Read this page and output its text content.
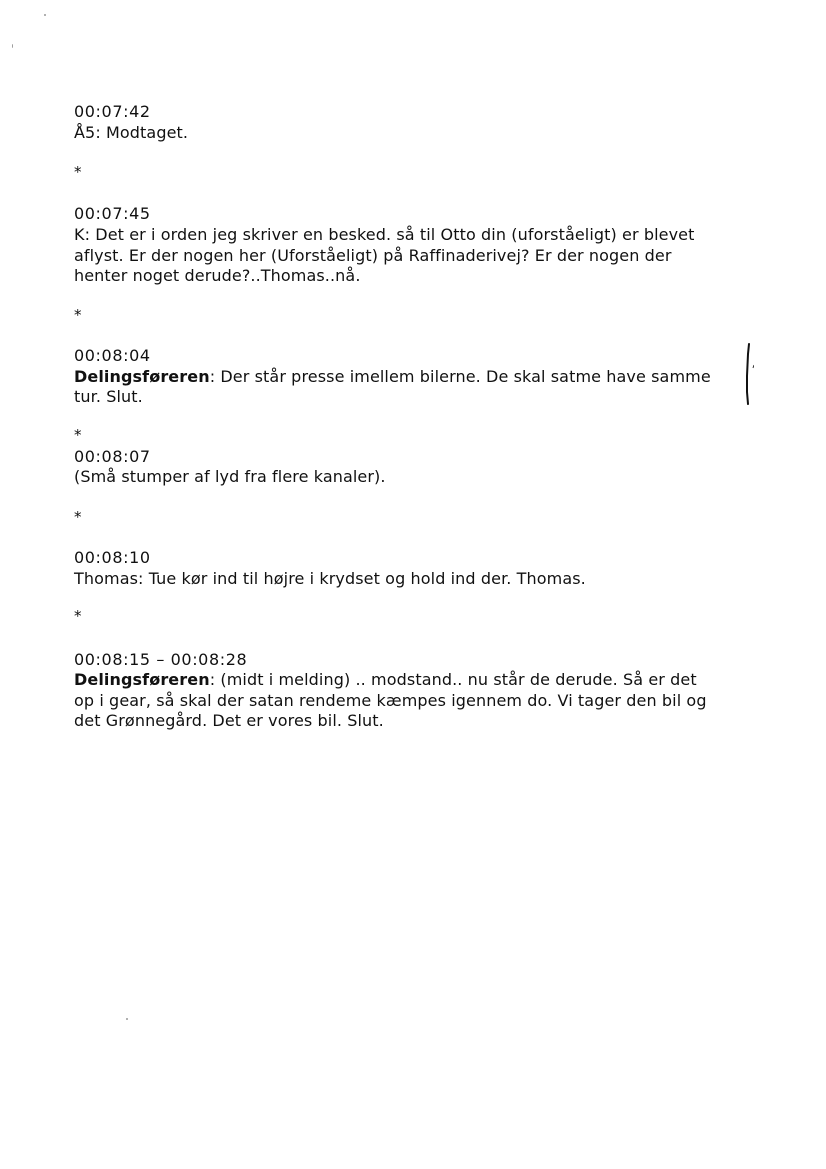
00:07:42
Å5: Modtaget.
*
00:07:45
K: Det er i orden jeg skriver en besked. så til Otto din (uforståeligt) er blevet
aflyst. Er der nogen her (Uforståeligt) på Raffinaderivej? Er der nogen der
henter noget derude?..Thomas..nå.
*
00:08:04
Delingsføreren: Der står presse imellem bilerne. De skal satme have samme
tur. Slut.
*
00:08:07
(Små stumper af lyd fra flere kanaler).
*
00:08:10
Thomas: Tue kør ind til højre i krydset og hold ind der. Thomas.
*
00:08:15 – 00:08:28
Delingsføreren: (midt i melding) .. modstand.. nu står de derude. Så er det
op i gear, så skal der satan rendeme kæmpes igennem do. Vi tager den bil og
det Grønnegård. Det er vores bil. Slut.
